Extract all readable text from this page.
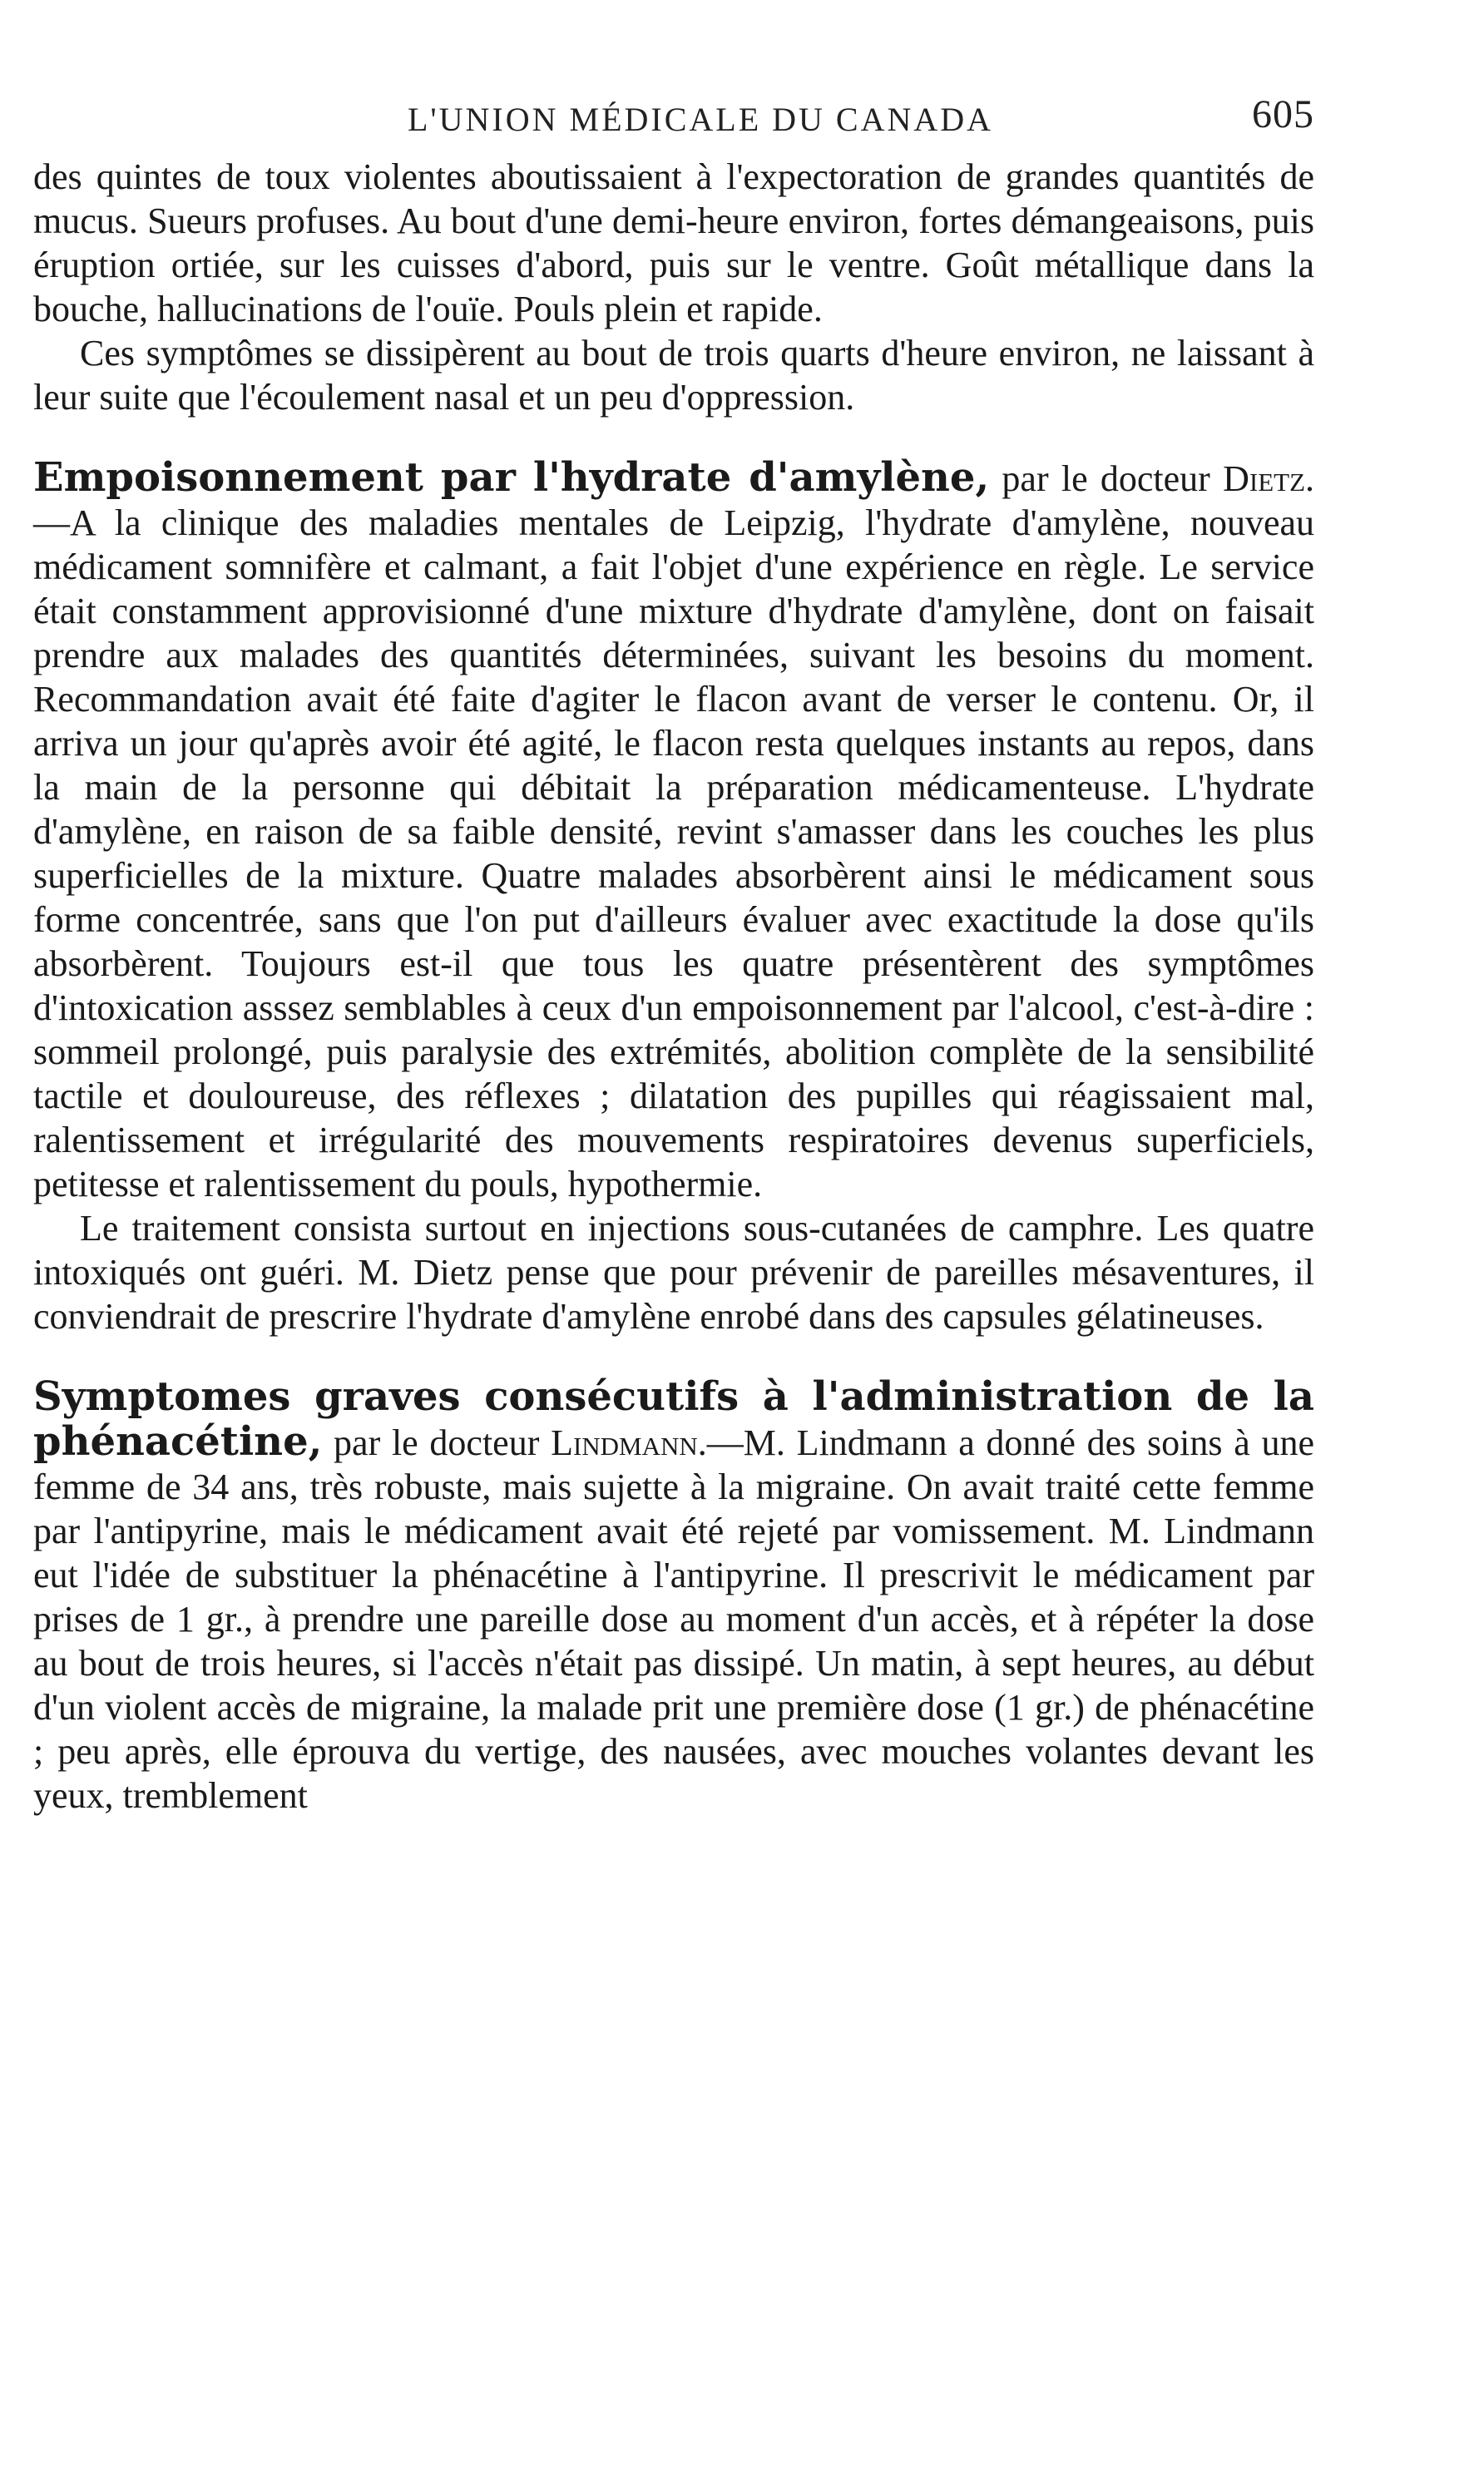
L'UNION MÉDICALE DU CANADA	605

des quintes de toux violentes aboutissaient à l'expectoration de grandes quantités de mucus. Sueurs profuses. Au bout d'une demi-heure environ, fortes démangeaisons, puis éruption ortiée, sur les cuisses d'abord, puis sur le ventre. Goût métallique dans la bouche, hallucinations de l'ouïe. Pouls plein et rapide.

Ces symptômes se dissipèrent au bout de trois quarts d'heure environ, ne laissant à leur suite que l'écoulement nasal et un peu d'oppression.

Empoisonnement par l'hydrate d'amylène, par le docteur Dietz.—A la clinique des maladies mentales de Leipzig, l'hydrate d'amylène, nouveau médicament somnifère et calmant, a fait l'objet d'une expérience en règle. Le service était constamment approvisionné d'une mixture d'hydrate d'amylène, dont on faisait prendre aux malades des quantités déterminées, suivant les besoins du moment. Recommandation avait été faite d'agiter le flacon avant de verser le contenu. Or, il arriva un jour qu'après avoir été agité, le flacon resta quelques instants au repos, dans la main de la personne qui débitait la préparation médicamenteuse. L'hydrate d'amylène, en raison de sa faible densité, revint s'amasser dans les couches les plus superficielles de la mixture. Quatre malades absorbèrent ainsi le médicament sous forme concentrée, sans que l'on put d'ailleurs évaluer avec exactitude la dose qu'ils absorbèrent. Toujours est-il que tous les quatre présentèrent des symptômes d'intoxication asssez semblables à ceux d'un empoisonnement par l'alcool, c'est-à-dire : sommeil prolongé, puis paralysie des extrémités, abolition complète de la sensibilité tactile et douloureuse, des réflexes ; dilatation des pupilles qui réagissaient mal, ralentissement et irrégularité des mouvements respiratoires devenus superficiels, petitesse et ralentissement du pouls, hypothermie.

Le traitement consista surtout en injections sous-cutanées de camphre. Les quatre intoxiqués ont guéri. M. Dietz pense que pour prévenir de pareilles mésaventures, il conviendrait de prescrire l'hydrate d'amylène enrobé dans des capsules gélatineuses.

Symptomes graves consécutifs à l'administration de la phénacétine, par le docteur Lindmann.—M. Lindmann a donné des soins à une femme de 34 ans, très robuste, mais sujette à la migraine. On avait traité cette femme par l'antipyrine, mais le médicament avait été rejeté par vomissement. M. Lindmann eut l'idée de substituer la phénacétine à l'antipyrine. Il prescrivit le médicament par prises de 1 gr., à prendre une pareille dose au moment d'un accès, et à répéter la dose au bout de trois heures, si l'accès n'était pas dissipé. Un matin, à sept heures, au début d'un violent accès de migraine, la malade prit une première dose (1 gr.) de phénacétine ; peu après, elle éprouva du vertige, des nausées, avec mouches volantes devant les yeux, tremblement
